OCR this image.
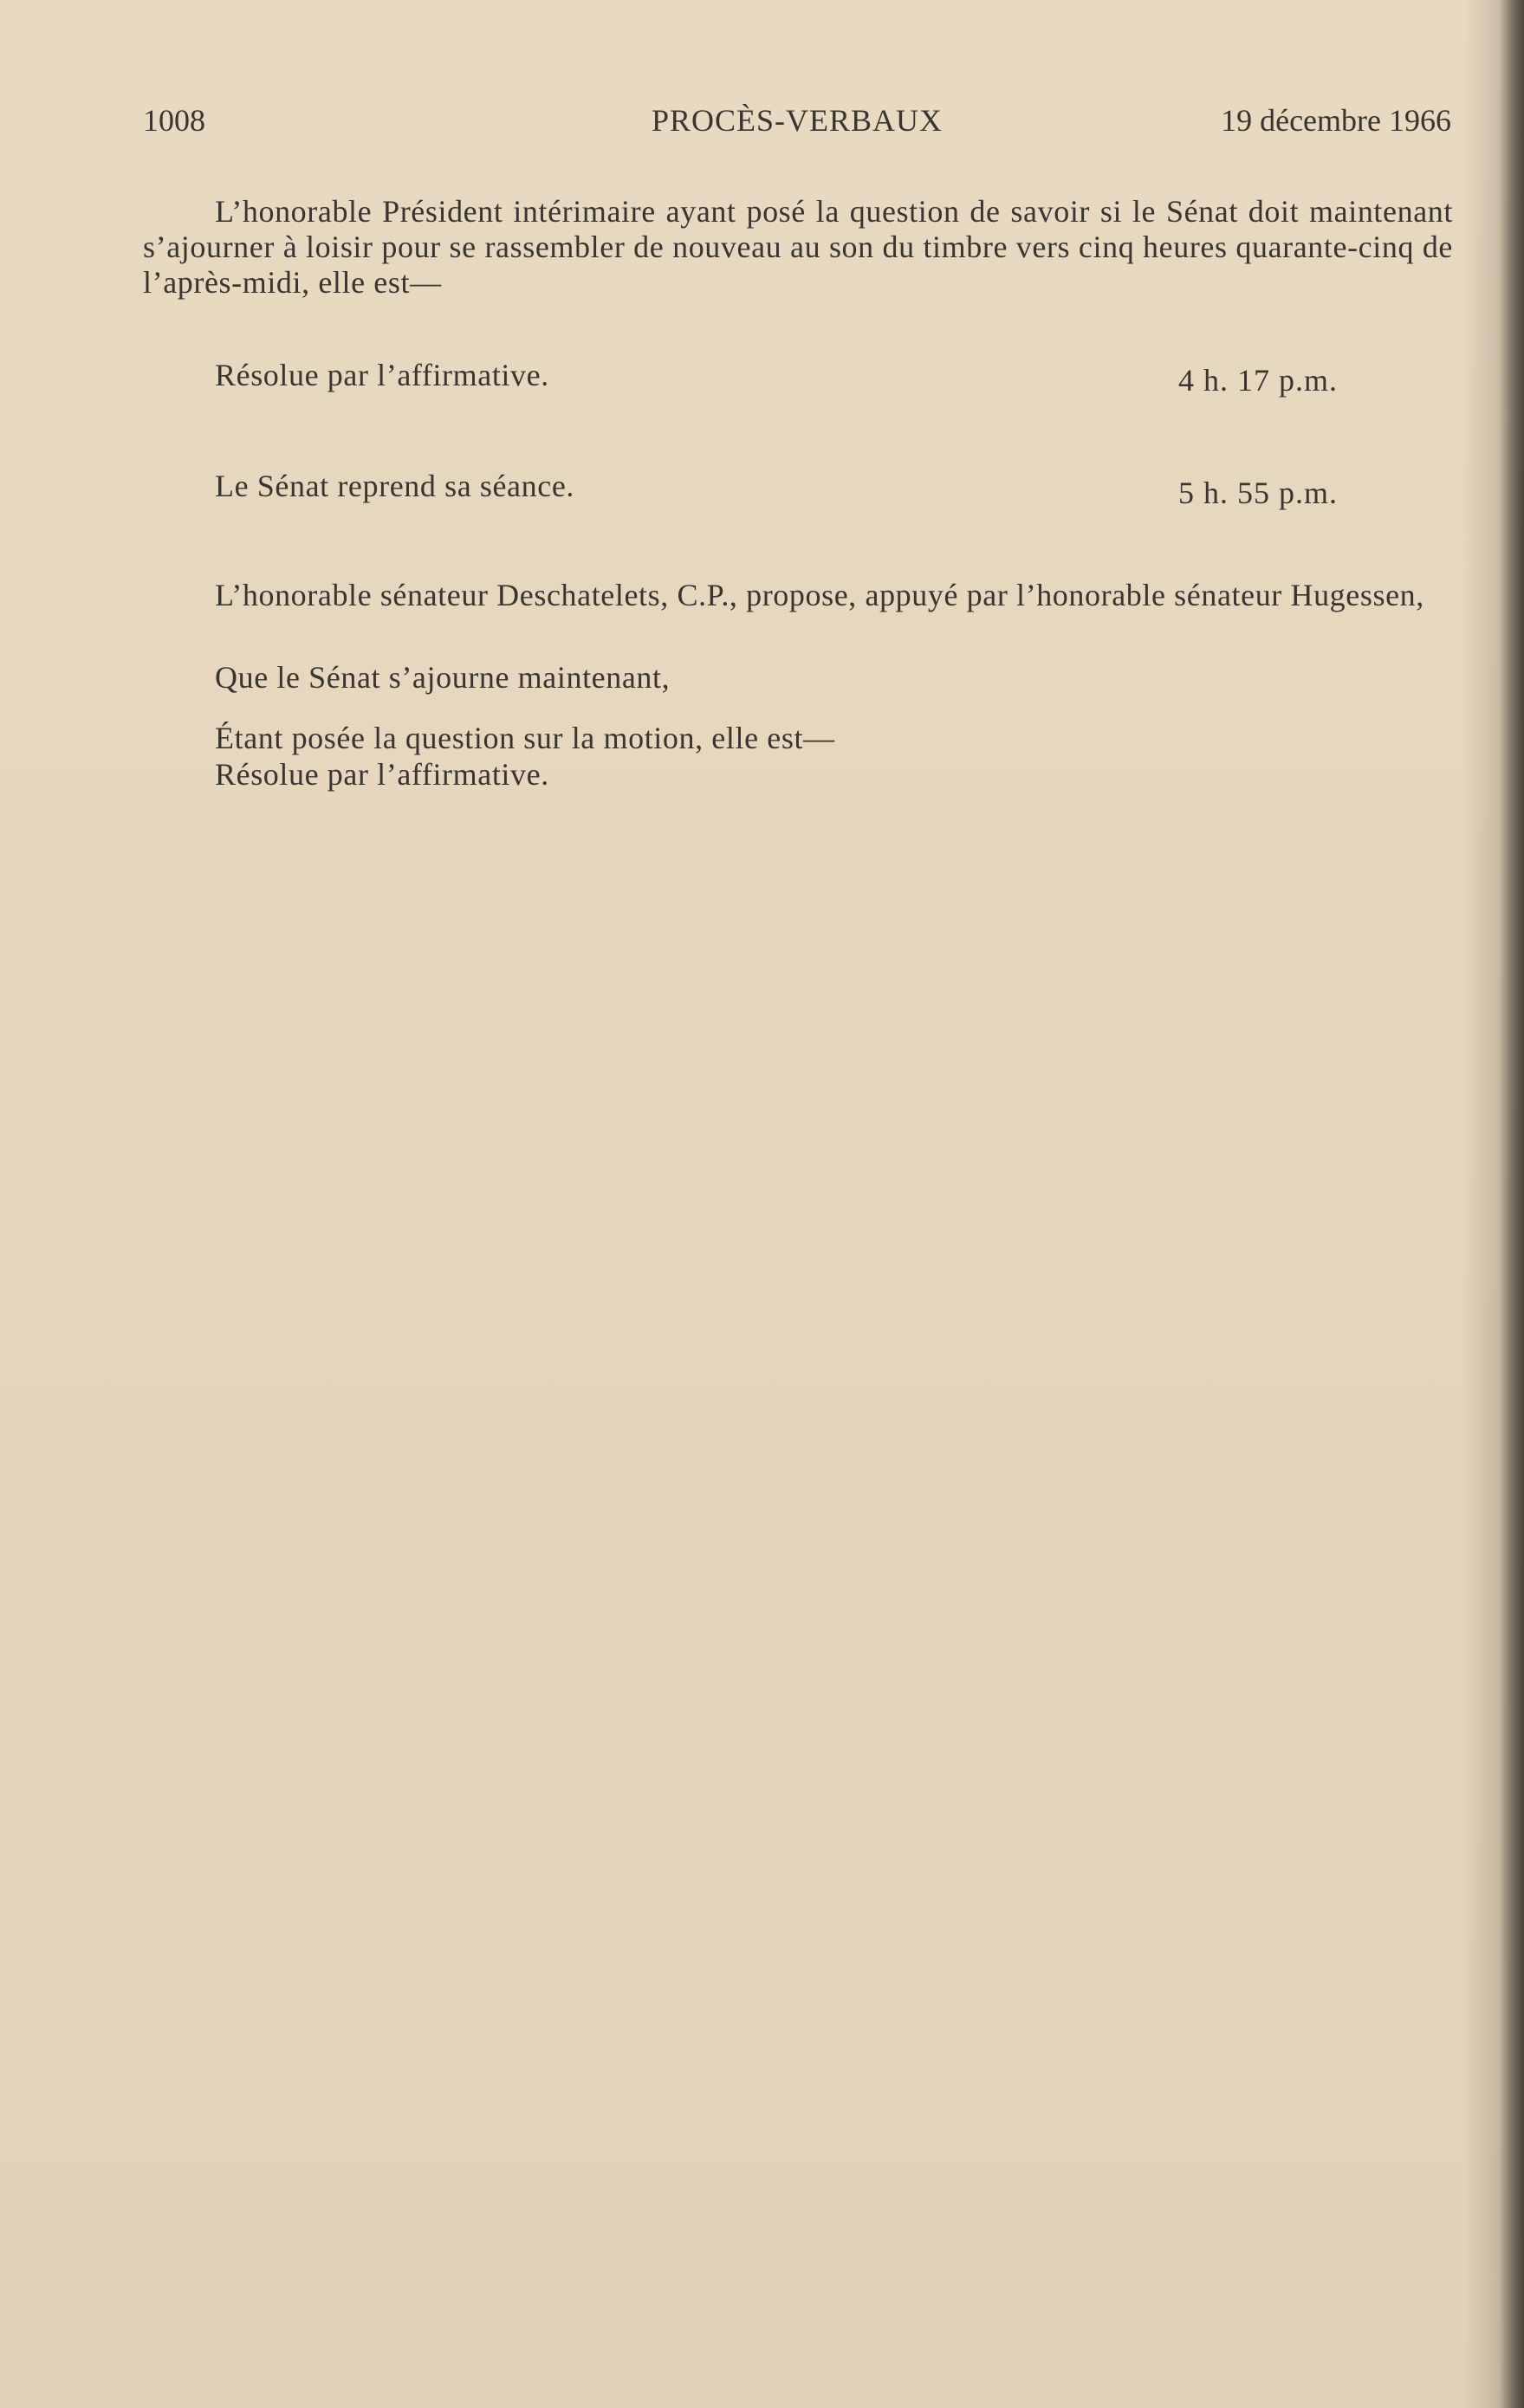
1008	PROCÈS-VERBAUX	19 décembre 1966

L’honorable Président intérimaire ayant posé la question de savoir si le Sénat doit maintenant s’ajourner à loisir pour se rassembler de nouveau au son du timbre vers cinq heures quarante-cinq de l’après-midi, elle est—

Résolue par l’affirmative.	4 h. 17 p.m.
Le Sénat reprend sa séance.	5 h. 55 p.m.

L’honorable sénateur Deschatelets, C.P., propose, appuyé par l’honorable sénateur Hugessen,

Que le Sénat s’ajourne maintenant,
Étant posée la question sur la motion, elle est—
Résolue par l’affirmative.
